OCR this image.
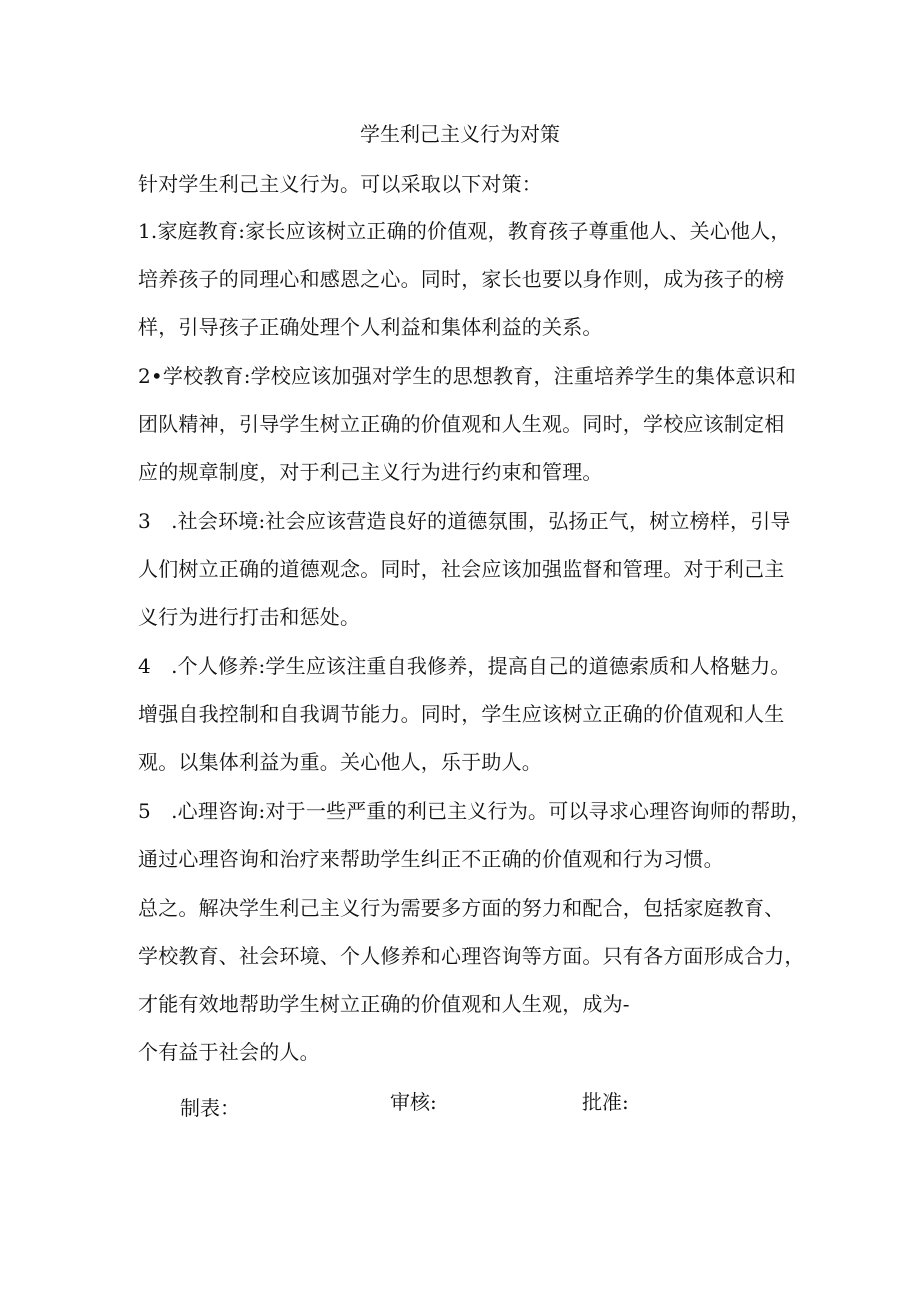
学生利己主义行为对策
针对学生利己主义行为。可以采取以下对策：
1.家庭教育:家长应该树立正确的价值观，教育孩子尊重他人、关心他人，
培养孩子的同理心和感恩之心。同时，家长也要以身作则，成为孩子的榜
样，引导孩子正确处理个人利益和集体利益的关系。
2•学校教育:学校应该加强对学生的思想教育，注重培养学生的集体意识和
团队精神，引导学生树立正确的价值观和人生观。同时，学校应该制定相
应的规章制度，对于利己主义行为进行约束和管理。
3　.社会环境:社会应该营造良好的道德氛围，弘扬正气，树立榜样，引导
人们树立正确的道德观念。同时，社会应该加强监督和管理。对于利己主
义行为进行打击和惩处。
4　.个人修养:学生应该注重自我修养，提高自己的道德索质和人格魅力。
增强自我控制和自我调节能力。同时，学生应该树立正确的价值观和人生
观。以集体利益为重。关心他人，乐于助人。
5　.心理咨询:对于一些严重的利已主义行为。可以寻求心理咨询师的帮助，
通过心理咨询和治疗来帮助学生纠正不正确的价值观和行为习惯。
总之。解决学生利己主义行为需要多方面的努力和配合，包括家庭教育、
学校教育、社会环境、个人修养和心理咨询等方面。只有各方面形成合力，
才能有效地帮助学生树立正确的价值观和人生观，成为-
个有益于社会的人。
制表：	审核:	批准:
